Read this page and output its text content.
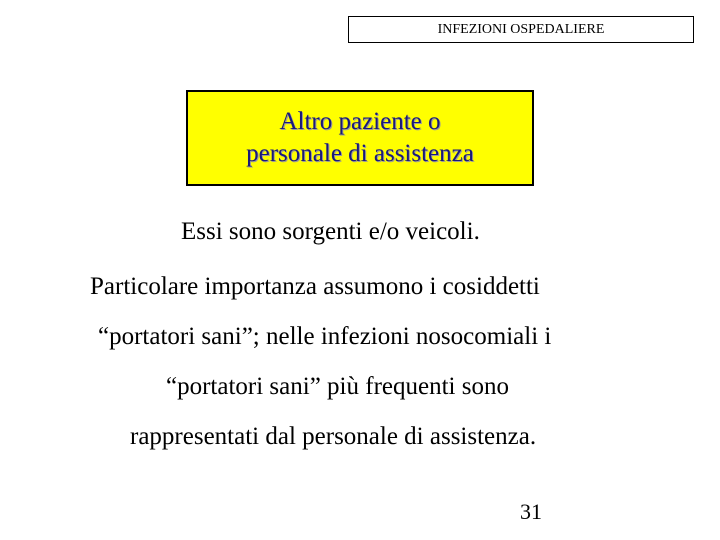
INFEZIONI OSPEDALIERE
Altro paziente o
personale di assistenza
Essi sono sorgenti e/o veicoli.
Particolare importanza assumono i cosiddetti
“portatori sani”; nelle infezioni nosocomiali i
“portatori sani” più frequenti sono
rappresentati dal personale di assistenza.
31
